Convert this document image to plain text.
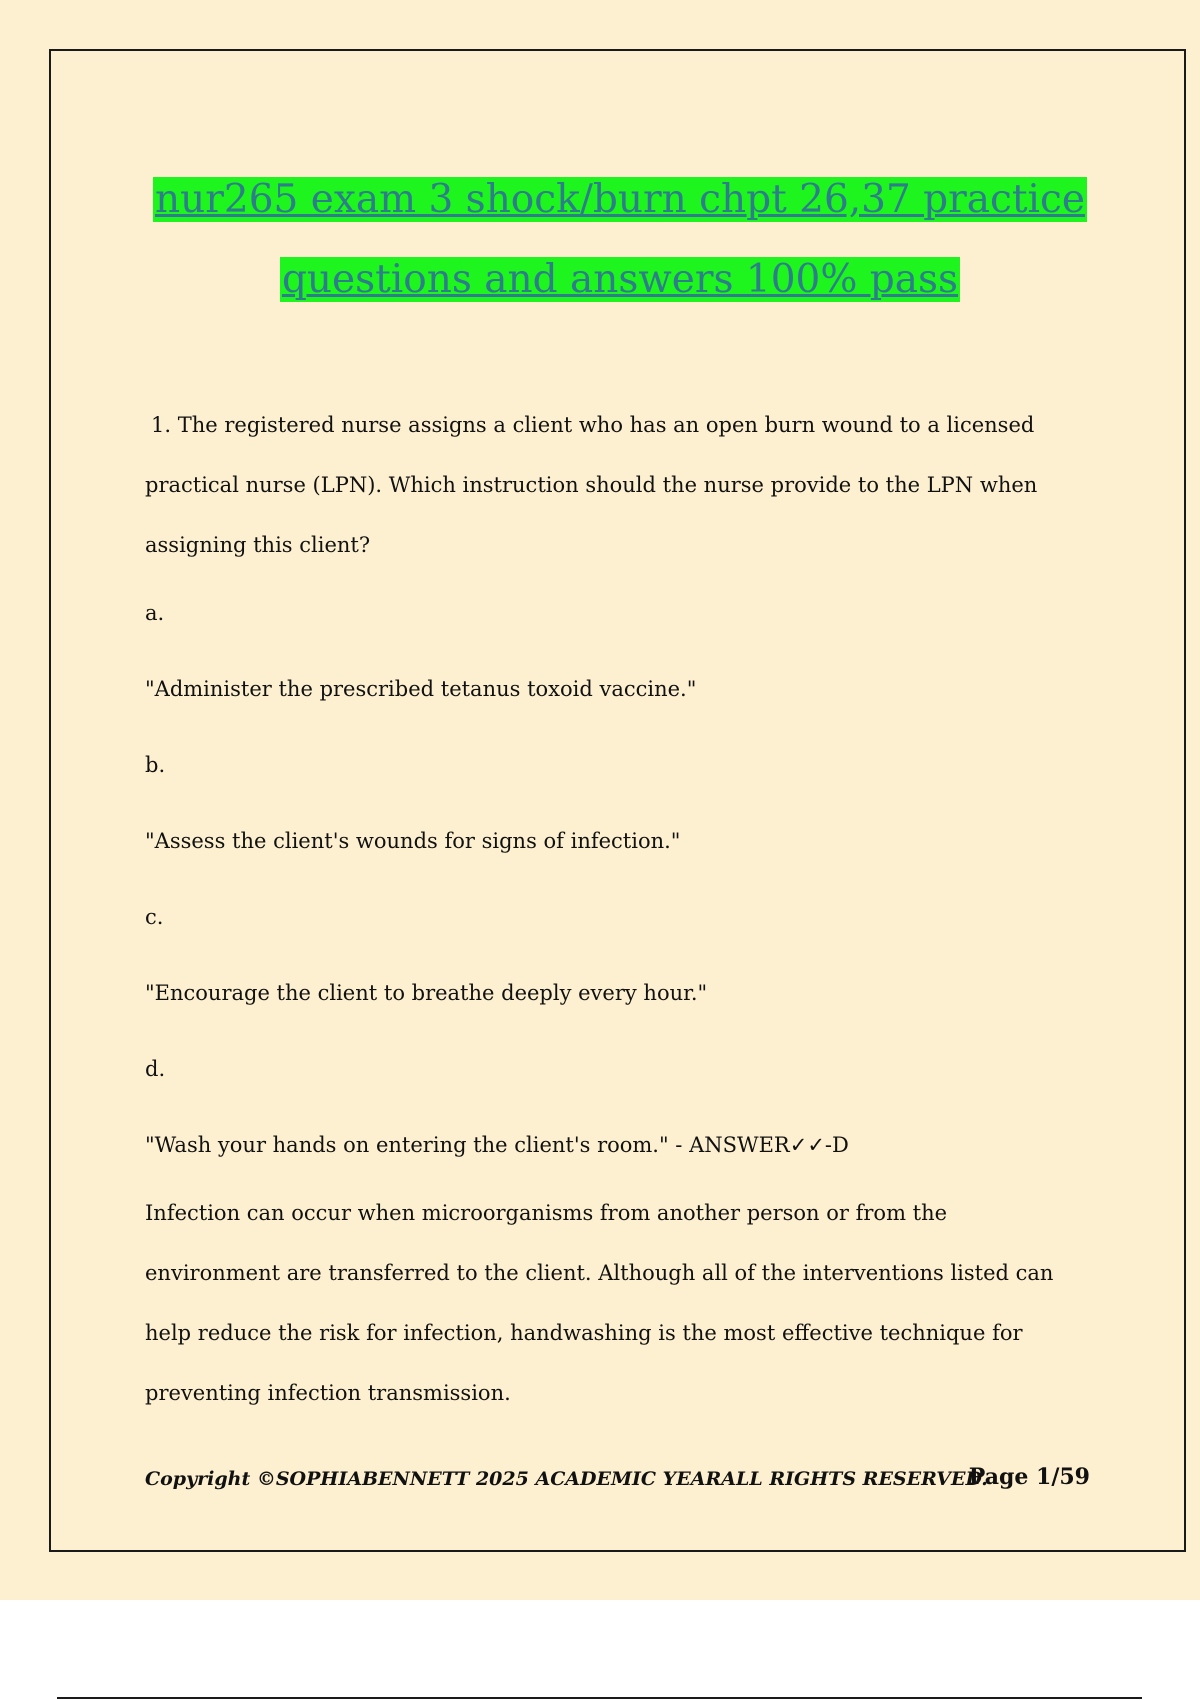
nur265 exam 3 shock/burn chpt 26,37 practice
questions and answers 100% pass

1. The registered nurse assigns a client who has an open burn wound to a licensed

practical nurse (LPN). Which instruction should the nurse provide to the LPN when

assigning this client?

a.

"Administer the prescribed tetanus toxoid vaccine."

b.

"Assess the client's wounds for signs of infection."

c.

"Encourage the client to breathe deeply every hour."

d.

"Wash your hands on entering the client's room." - ANSWER✓✓-D

Infection can occur when microorganisms from another person or from the

environment are transferred to the client. Although all of the interventions listed can

help reduce the risk for infection, handwashing is the most effective technique for

preventing infection transmission.

Copyright ©SOPHIABENNETT 2025 ACADEMIC YEARALL RIGHTS RESERVED.
Page 1/59
